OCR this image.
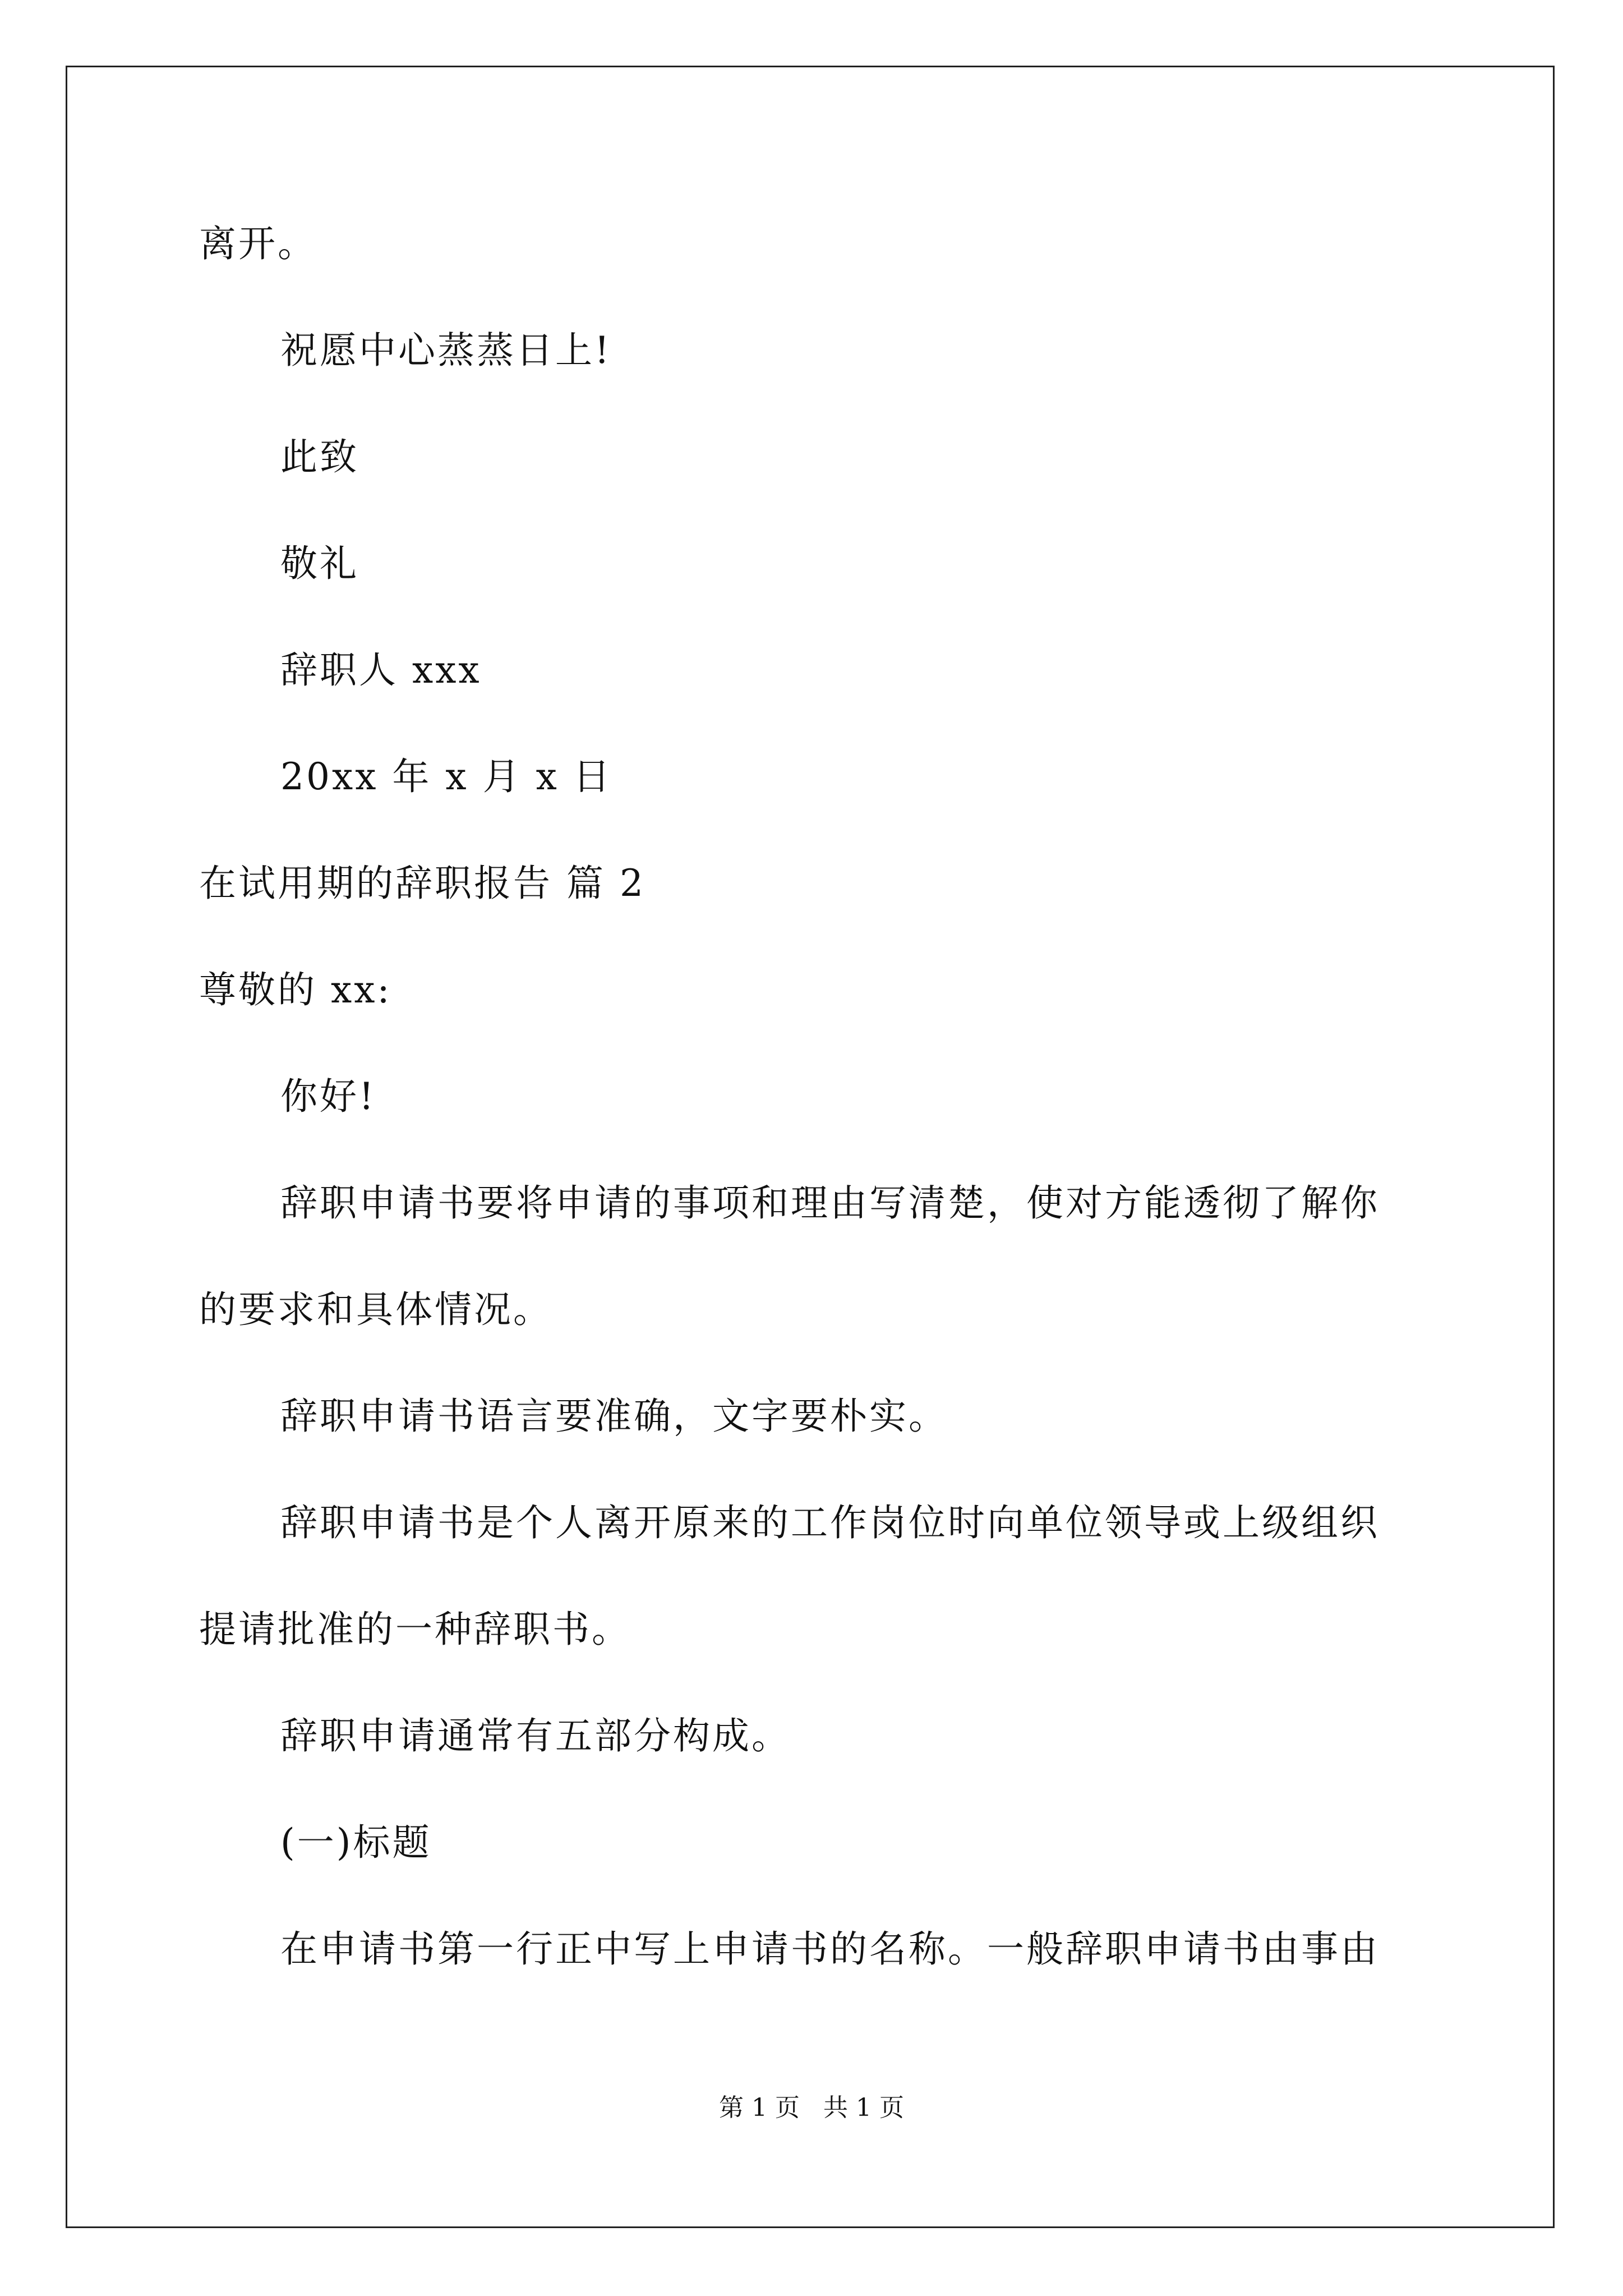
离开。
祝愿中心蒸蒸日上!
此致
敬礼
辞职人 xxx
20xx 年 x 月 x 日
在试用期的辞职报告 篇 2
尊敬的 xx:
你好!
辞职申请书要将申请的事项和理由写清楚，使对方能透彻了解你
的要求和具体情况。
辞职申请书语言要准确，文字要朴实。
辞职申请书是个人离开原来的工作岗位时向单位领导或上级组织
提请批准的一种辞职书。
辞职申请通常有五部分构成。
(一)标题
在申请书第一行正中写上申请书的名称。一般辞职申请书由事由
第 1 页   共 1 页
